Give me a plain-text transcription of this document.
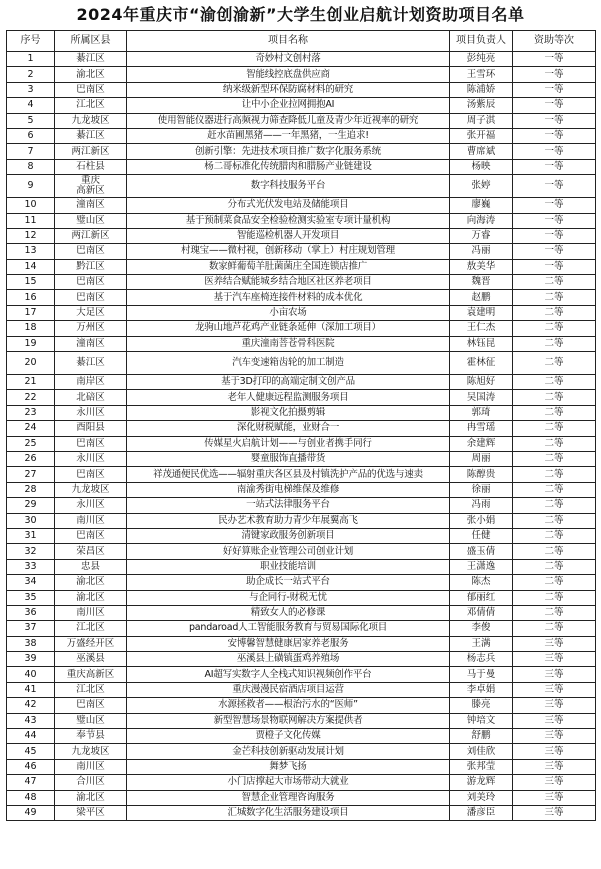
2024年重庆市“渝创渝新”大学生创业启航计划资助项目名单
序号	所属区县	项目名称	项目负责人	资助等次
1	綦江区	奇妙村文创村落	彭纯亮	一等
2	渝北区	智能线控底盘供应商	王雪环	一等
3	巴南区	纳米级新型环保防腐材料的研究	陈浦娇	一等
4	江北区	让中小企业拉网拥抱AI	汤紫辰	一等
5	九龙坡区	使用智能仪器进行高频视力筛查降低儿童及青少年近视率的研究	周子淇	一等
6	綦江区	赶水苗圃黑猪——一年黑猪，一生追求!	张开福	一等
7	两江新区	创新引擎：先进技术项目推广数字化服务系统	曹席斌	一等
8	石柱县	杨二哥标准化传统腊肉和腊肠产业链建设	杨映	一等
9	重庆
高新区	数字科技服务平台	张婷	一等
10	潼南区	分布式光伏发电站及储能项目	廖巍	一等
11	璧山区	基于预制菜食品安全检验检测实验室专项计量机构	向海涛	一等
12	两江新区	智能巡检机器人开发项目	万睿	一等
13	巴南区	村瑰宝——微村视，创新移动（掌上）村庄规划管理	冯丽	一等
14	黔江区	数家鲜葡萄羊肚菌菌庄全国连锁店推广	敖美华	一等
15	巴南区	医养结合赋能城乡结合地区社区养老项目	魏晋	二等
16	巴南区	基于汽车座椅连接件材料的成本优化	赵鹏	二等
17	大足区	小亩农场	袁建明	二等
18	万州区	龙驹山地芦花鸡产业链条延伸（深加工项目）	王仁杰	二等
19	潼南区	重庆潼南菩苍骨科医院	林钰昆	二等
20	綦江区	汽车变速箱齿轮的加工制造	霍林征	二等
21	南岸区	基于3D打印的高端定制文创产品	陈旭好	二等
22	北碚区	老年人健康远程监测服务项目	吴国涛	二等
23	永川区	影视文化拍摄剪辑	郭琦	二等
24	酉阳县	深化财税赋能，业财合一	冉雪瑶	二等
25	巴南区	传媒星火启航计划——与创业者携手同行	余建辉	二等
26	永川区	婴童服饰直播带货	周丽	二等
27	巴南区	祥茂通便民优选——辐射重庆各区县及村镇洗护产品的优选与速卖	陈醇贵	二等
28	九龙坡区	南渝秀街电梯维保及维修	徐丽	二等
29	永川区	一站式法律服务平台	冯雨	二等
30	南川区	民办艺术教育助力青少年展翼高飞	张小娟	二等
31	巴南区	清键家政服务创新项目	任健	二等
32	荣昌区	好好算账企业管理公司创业计划	盛玉倩	二等
33	忠县	职业技能培训	王潇逸	二等
34	渝北区	助企成长一站式平台	陈杰	二等
35	渝北区	与企同行-财税无忧	郁丽红	二等
36	南川区	精致女人的必修课	邓倩倩	二等
37	江北区	pandaroad人工智能服务教育与贸易国际化项目	李俊	二等
38	万盛经开区	安博馨智慧健康居家养老服务	王满	三等
39	巫溪县	巫溪县上磺镇蛋鸡养殖场	杨志兵	三等
40	重庆高新区	AI超写实数字人全栈式知识视频创作平台	马于曼	三等
41	江北区	重庆漫漫民宿酒店项目运营	李卓娟	三等
42	巴南区	水源拯救者——根治污水的“医师”	滕亮	三等
43	璧山区	新型智慧场景物联网解决方案提供者	钟培文	三等
44	奉节县	贾橙子文化传媒	舒鹏	三等
45	九龙坡区	金芒科技创新驱动发展计划	刘佳欣	三等
46	南川区	舞梦飞扬	张邦莹	三等
47	合川区	小门店撑起大市场带动大就业	游龙辉	三等
48	渝北区	智慧企业管理咨询服务	刘美玲	三等
49	梁平区	汇城数字化生活服务建设项目	潘彦臣	三等
